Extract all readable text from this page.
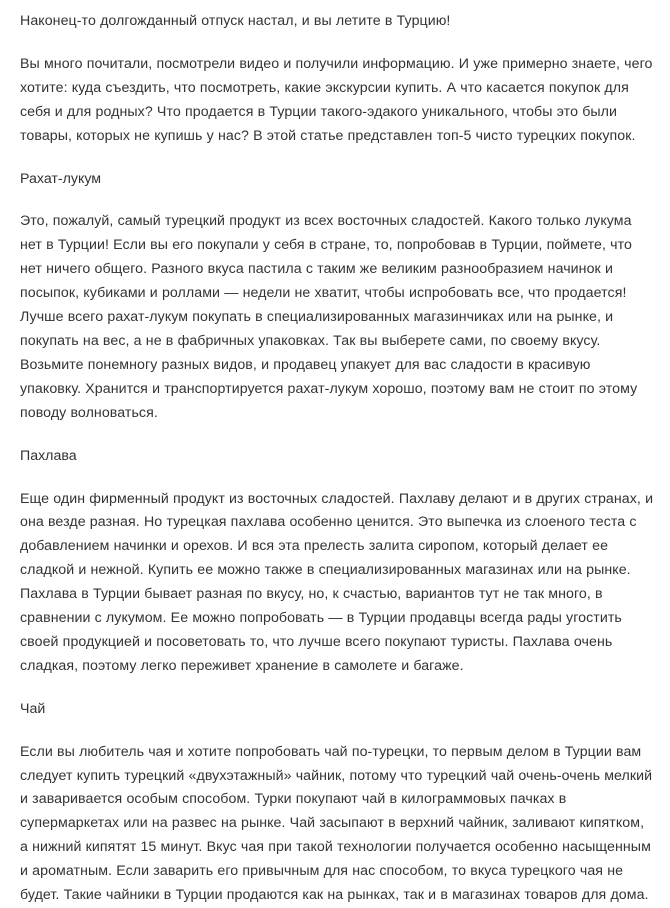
Наконец-то долгожданный отпуск настал, и вы летите в Турцию!

Вы много почитали, посмотрели видео и получили информацию. И уже примерно знаете, чего хотите: куда съездить, что посмотреть, какие экскурсии купить. А что касается покупок для себя и для родных? Что продается в Турции такого-эдакого уникального, чтобы это были товары, которых не купишь у нас? В этой статье представлен топ-5 чисто турецких покупок.

Рахат-лукум

Это, пожалуй, самый турецкий продукт из всех восточных сладостей. Какого только лукума нет в Турции! Если вы его покупали у себя в стране, то, попробовав в Турции, поймете, что нет ничего общего. Разного вкуса пастила с таким же великим разнообразием начинок и посыпок, кубиками и роллами — недели не хватит, чтобы испробовать все, что продается! Лучше всего рахат-лукум покупать в специализированных магазинчиках или на рынке, и покупать на вес, а не в фабричных упаковках. Так вы выберете сами, по своему вкусу. Возьмите понемногу разных видов, и продавец упакует для вас сладости в красивую упаковку. Хранится и транспортируется рахат-лукум хорошо, поэтому вам не стоит по этому поводу волноваться.

Пахлава

Еще один фирменный продукт из восточных сладостей. Пахлаву делают и в других странах, и она везде разная. Но турецкая пахлава особенно ценится. Это выпечка из слоеного теста с добавлением начинки и орехов. И вся эта прелесть залита сиропом, который делает ее сладкой и нежной. Купить ее можно также в специализированных магазинах или на рынке. Пахлава в Турции бывает разная по вкусу, но, к счастью, вариантов тут не так много, в сравнении с лукумом. Ее можно попробовать — в Турции продавцы всегда рады угостить своей продукцией и посоветовать то, что лучше всего покупают туристы. Пахлава очень сладкая, поэтому легко переживет хранение в самолете и багаже.

Чай

Если вы любитель чая и хотите попробовать чай по-турецки, то первым делом в Турции вам следует купить турецкий «двухэтажный» чайник, потому что турецкий чай очень-очень мелкий и заваривается особым способом. Турки покупают чай в килограммовых пачках в супермаркетах или на развес на рынке. Чай засыпают в верхний чайник, заливают кипятком, а нижний кипятят 15 минут. Вкус чая при такой технологии получается особенно насыщенным и ароматным. Если заварить его привычным для нас способом, то вкуса турецкого чая не будет. Такие чайники в Турции продаются как на рынках, так и в магазинах товаров для дома.
